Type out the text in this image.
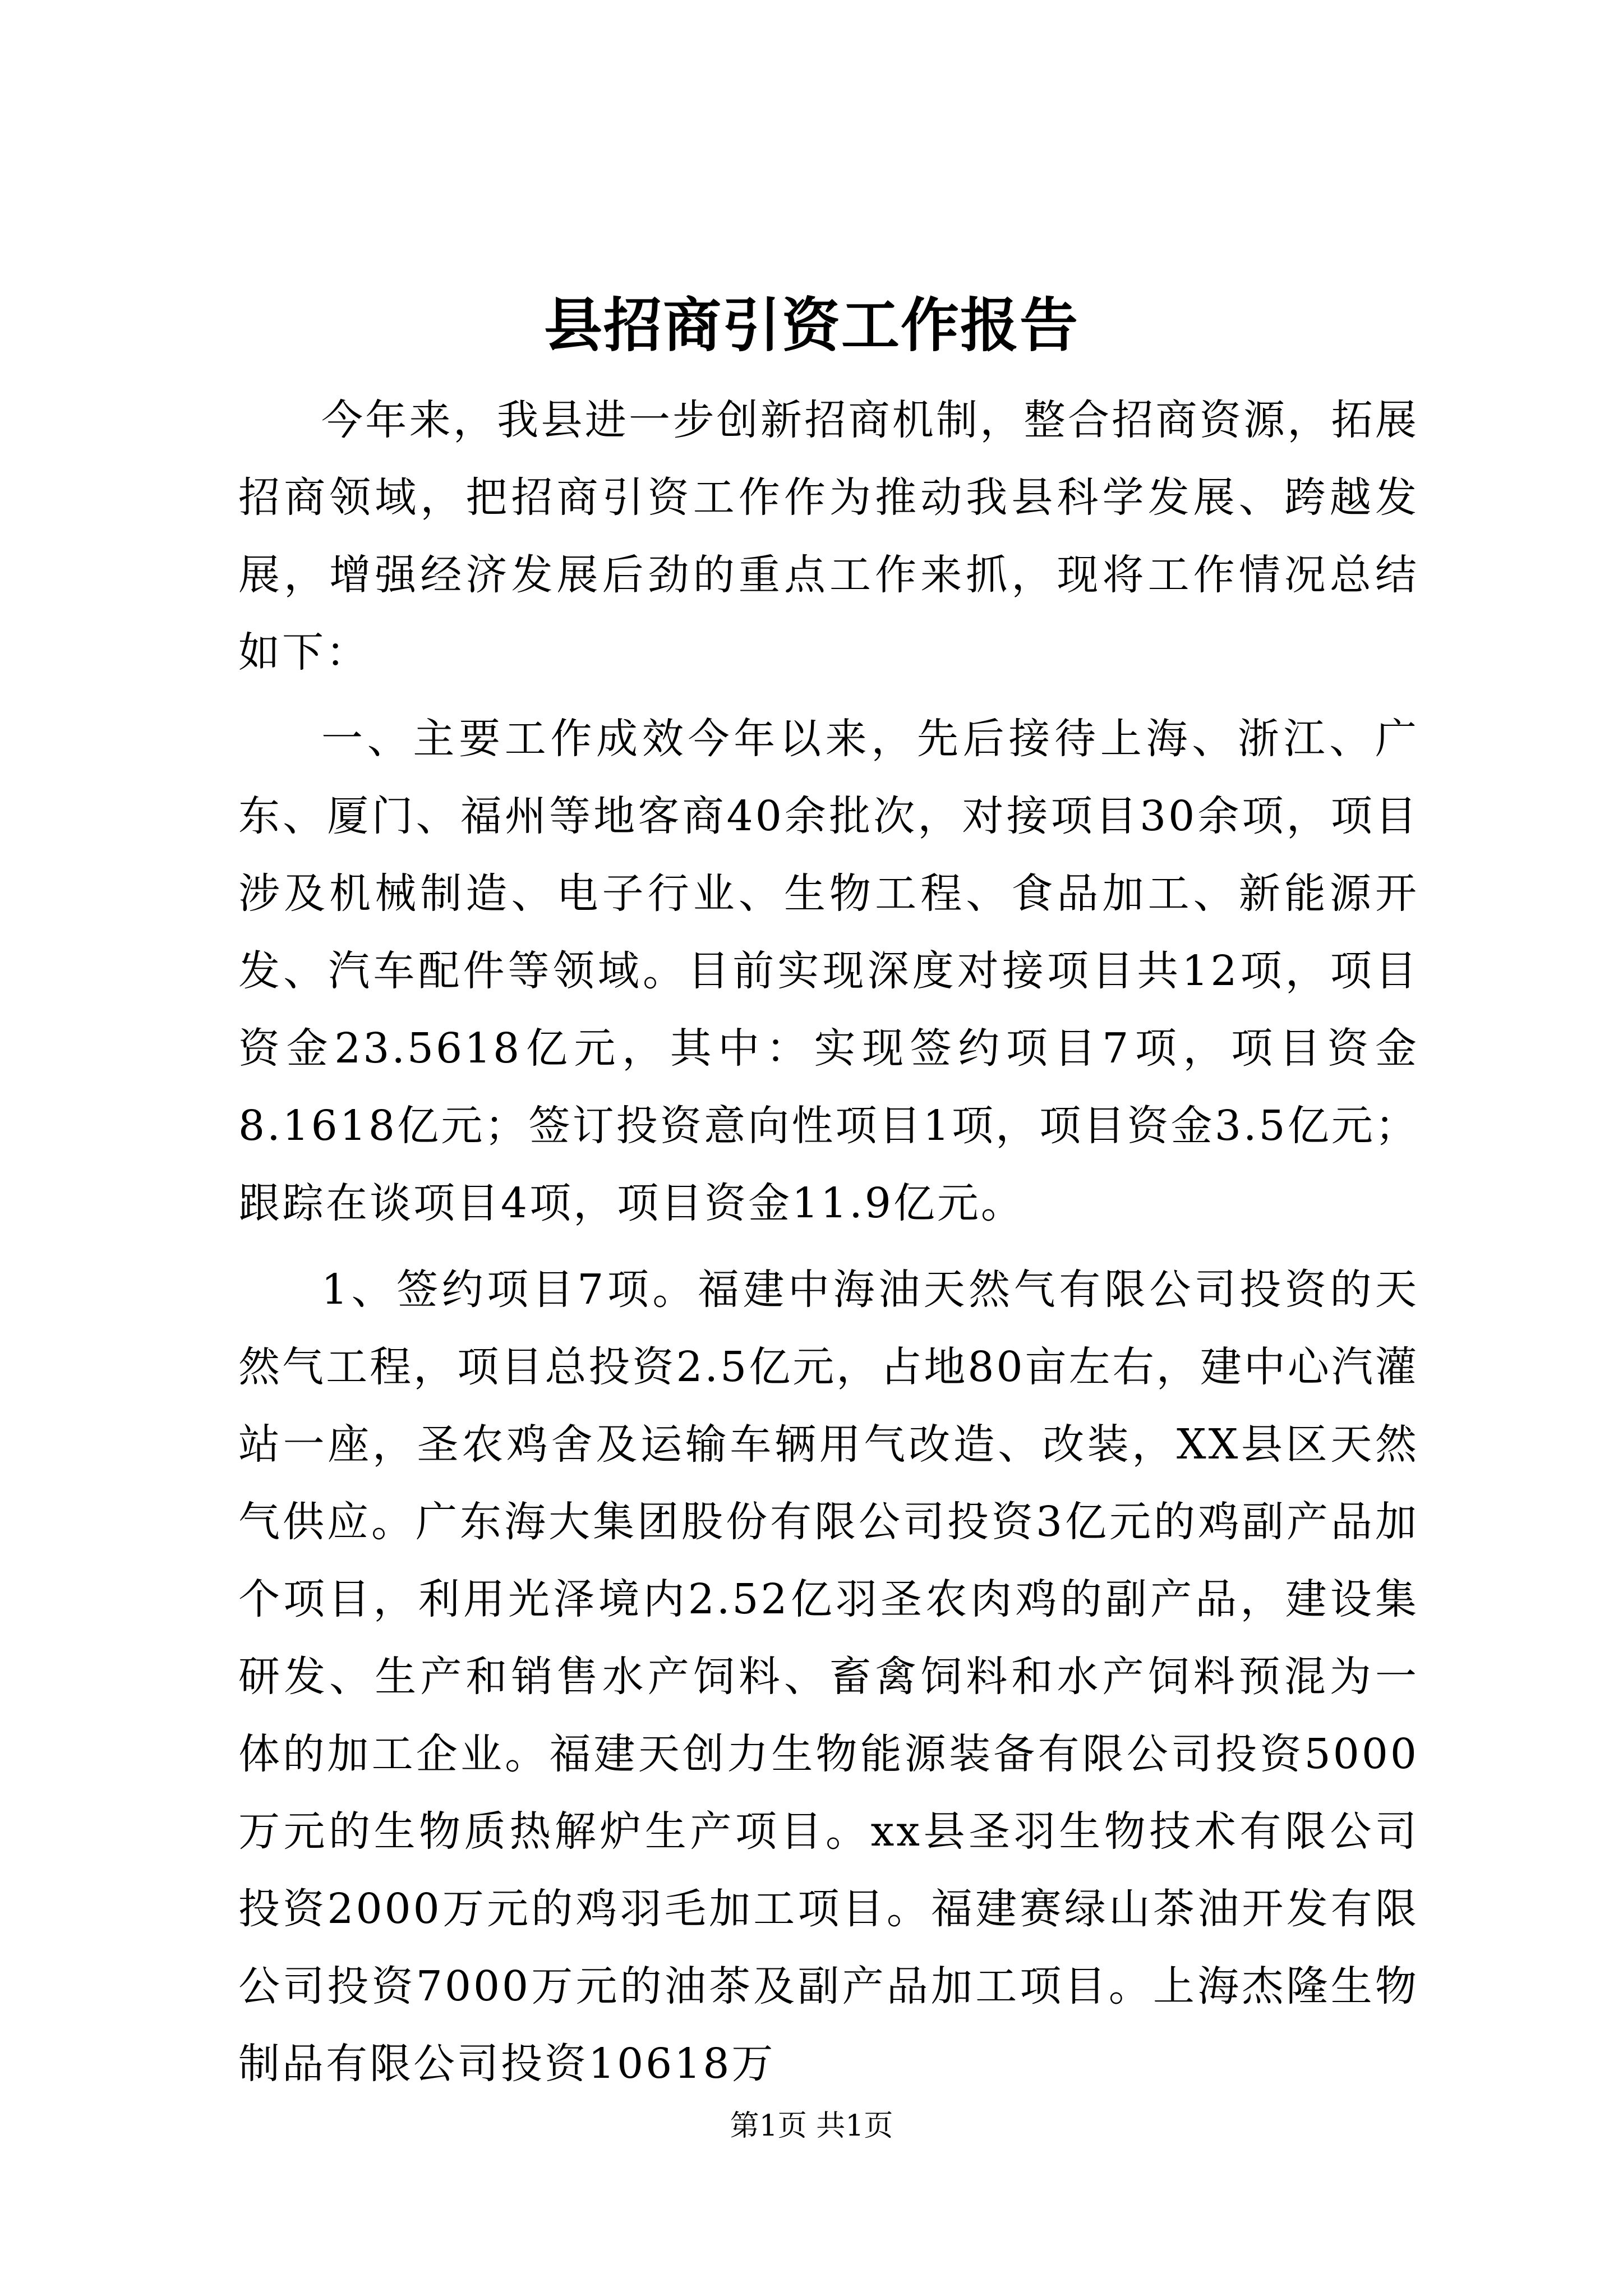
县招商引资工作报告

今年来，我县进一步创新招商机制，整合招商资源，拓展招商领域，把招商引资工作作为推动我县科学发展、跨越发展，增强经济发展后劲的重点工作来抓，现将工作情况总结如下：

一、主要工作成效今年以来，先后接待上海、浙江、广东、厦门、福州等地客商40余批次，对接项目30余项，项目涉及机械制造、电子行业、生物工程、食品加工、新能源开发、汽车配件等领域。目前实现深度对接项目共12项，项目资金23.5618亿元，其中：实现签约项目7项，项目资金8.1618亿元；签订投资意向性项目1项，项目资金3.5亿元；跟踪在谈项目4项，项目资金11.9亿元。

1、签约项目7项。福建中海油天然气有限公司投资的天然气工程，项目总投资2.5亿元，占地80亩左右，建中心汽灌站一座，圣农鸡舍及运输车辆用气改造、改装，XX县区天然气供应。广东海大集团股份有限公司投资3亿元的鸡副产品加个项目，利用光泽境内2.52亿羽圣农肉鸡的副产品，建设集研发、生产和销售水产饲料、畜禽饲料和水产饲料预混为一体的加工企业。福建天创力生物能源装备有限公司投资5000万元的生物质热解炉生产项目。xx县圣羽生物技术有限公司投资2000万元的鸡羽毛加工项目。福建赛绿山茶油开发有限公司投资7000万元的油茶及副产品加工项目。上海杰隆生物制品有限公司投资10618万

第1页 共1页
